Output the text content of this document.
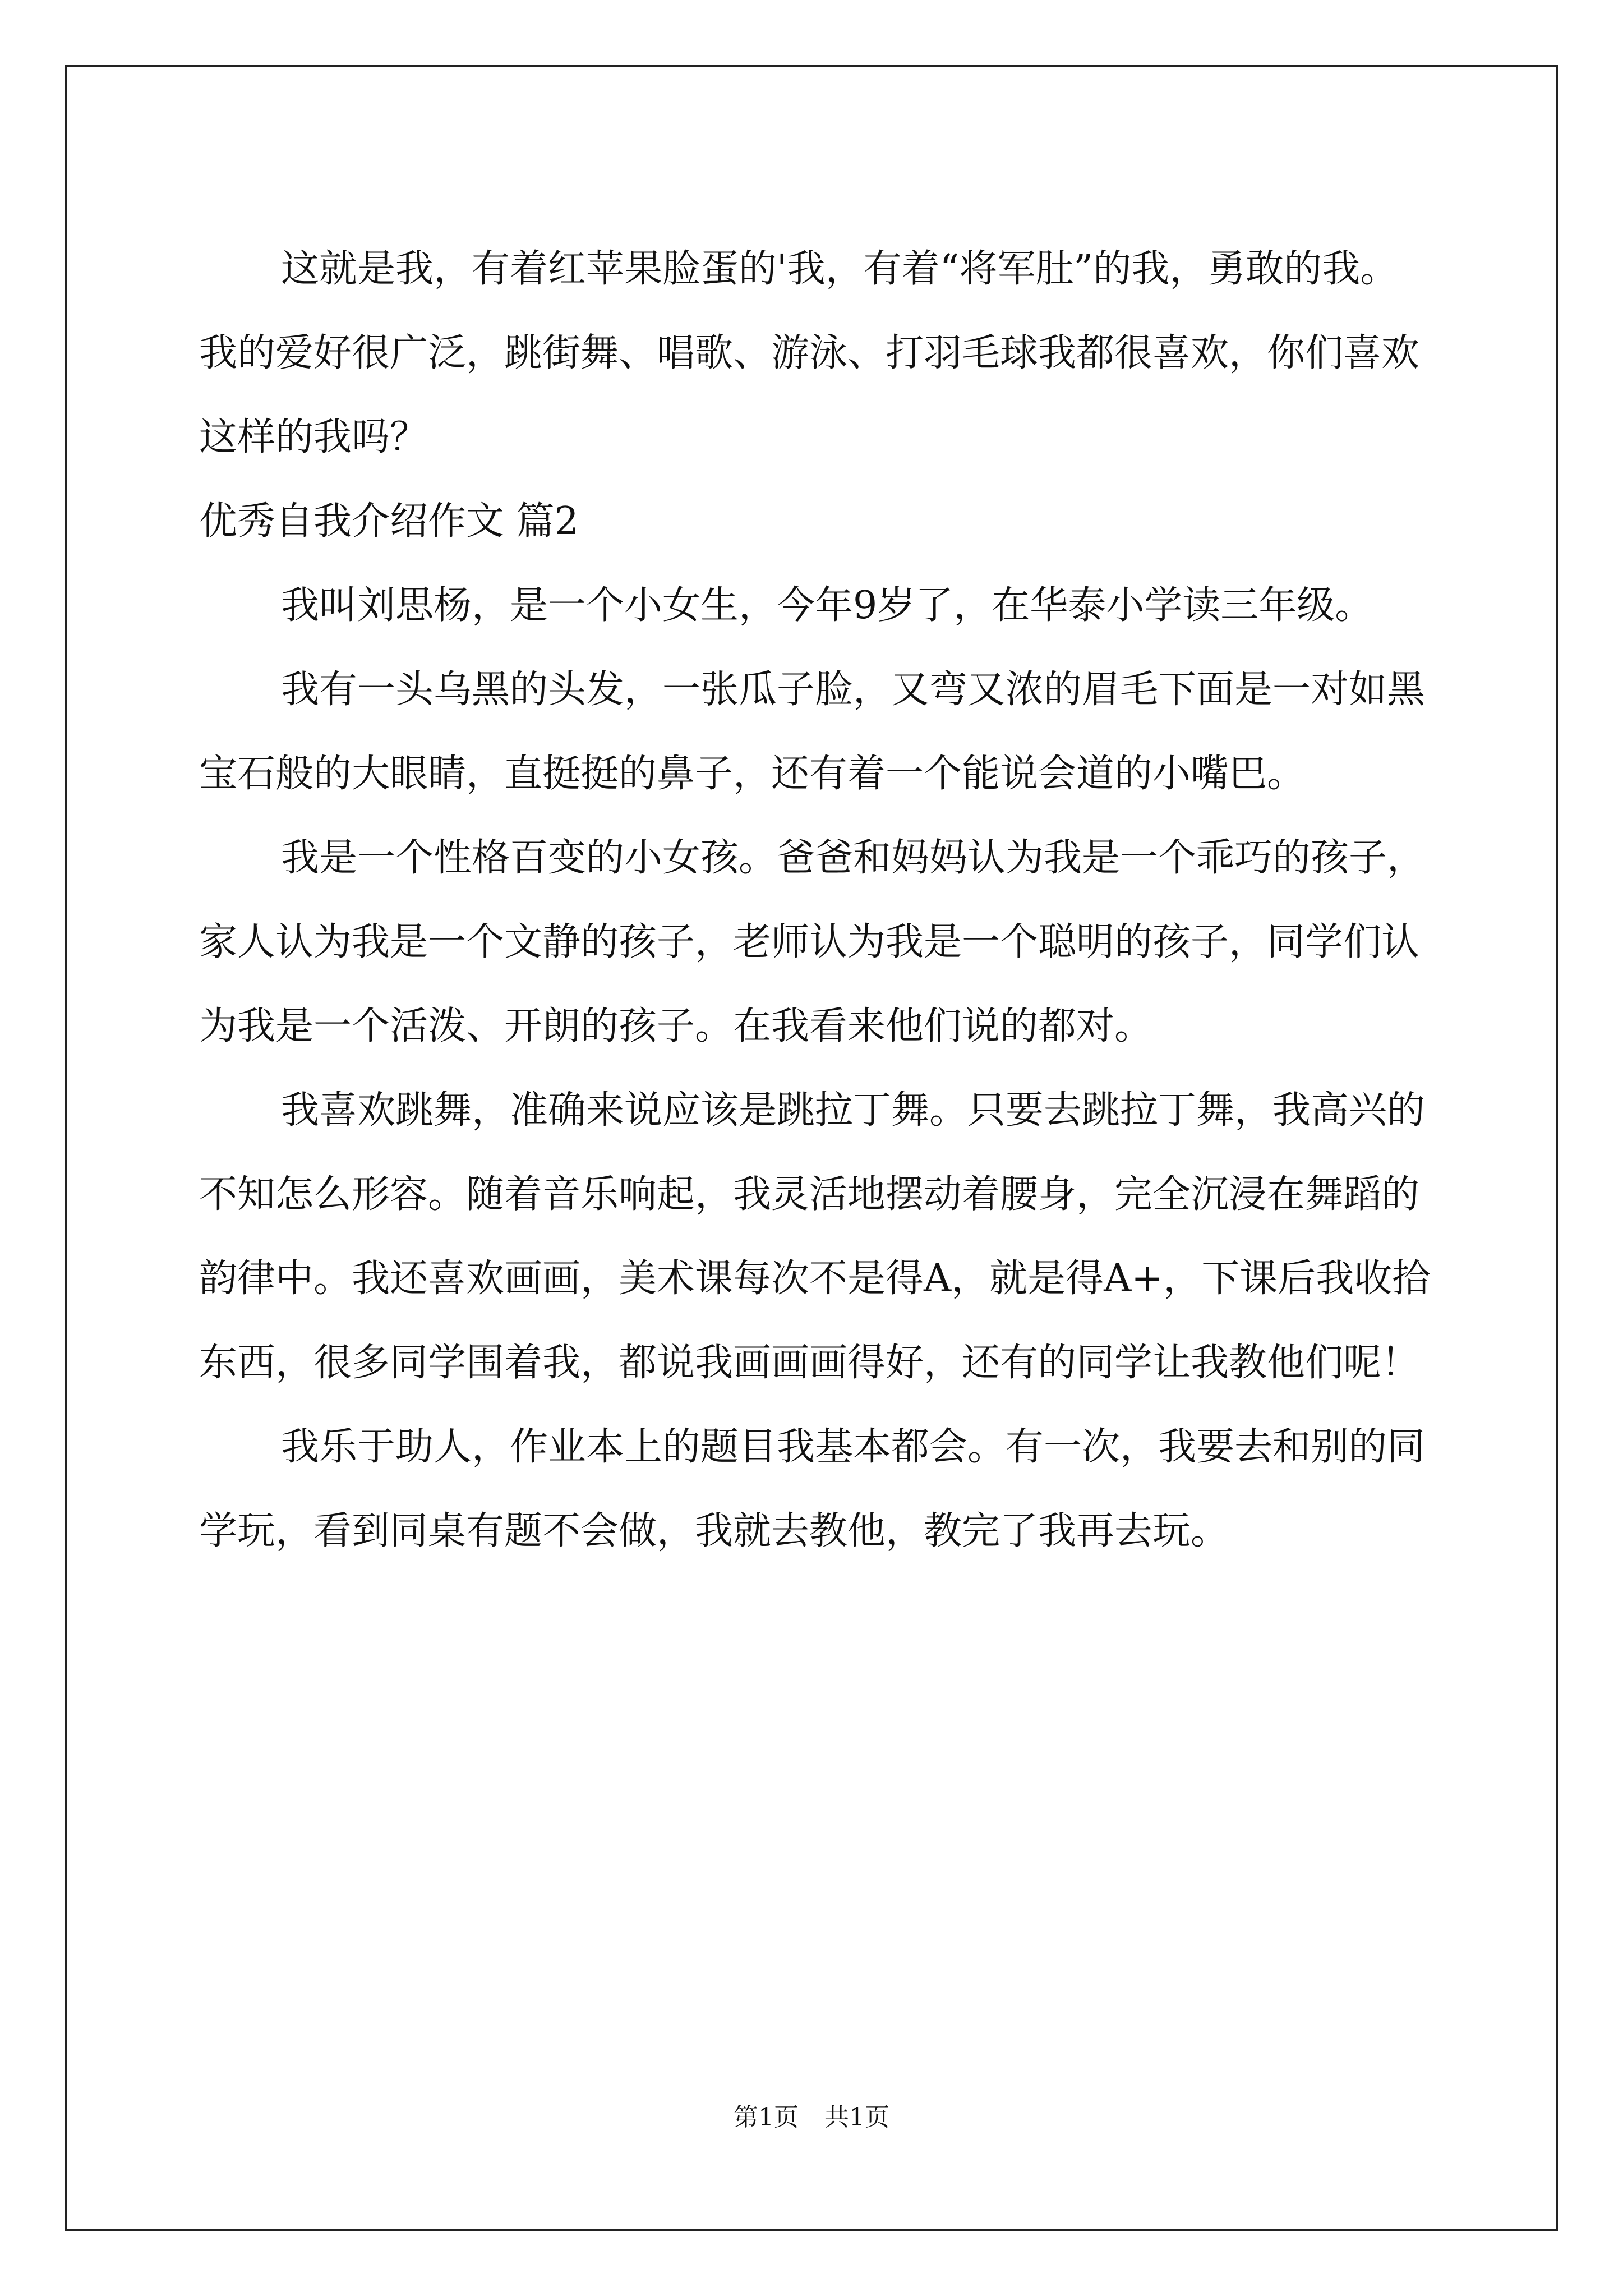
这就是我，有着红苹果脸蛋的'我，有着“将军肚”的我，勇敢的我。我的爱好很广泛，跳街舞、唱歌、游泳、打羽毛球我都很喜欢，你们喜欢这样的我吗？

优秀自我介绍作文 篇2

我叫刘思杨，是一个小女生，今年9岁了，在华泰小学读三年级。

我有一头乌黑的头发，一张瓜子脸，又弯又浓的眉毛下面是一对如黑宝石般的大眼睛，直挺挺的鼻子，还有着一个能说会道的小嘴巴。

我是一个性格百变的小女孩。爸爸和妈妈认为我是一个乖巧的孩子，家人认为我是一个文静的孩子，老师认为我是一个聪明的孩子，同学们认为我是一个活泼、开朗的孩子。在我看来他们说的都对。

我喜欢跳舞，准确来说应该是跳拉丁舞。只要去跳拉丁舞，我高兴的不知怎么形容。随着音乐响起，我灵活地摆动着腰身，完全沉浸在舞蹈的韵律中。我还喜欢画画，美术课每次不是得A，就是得A+，下课后我收拾东西，很多同学围着我，都说我画画画得好，还有的同学让我教他们呢！

我乐于助人，作业本上的题目我基本都会。有一次，我要去和别的同学玩，看到同桌有题不会做，我就去教他，教完了我再去玩。

第1页 共1页
